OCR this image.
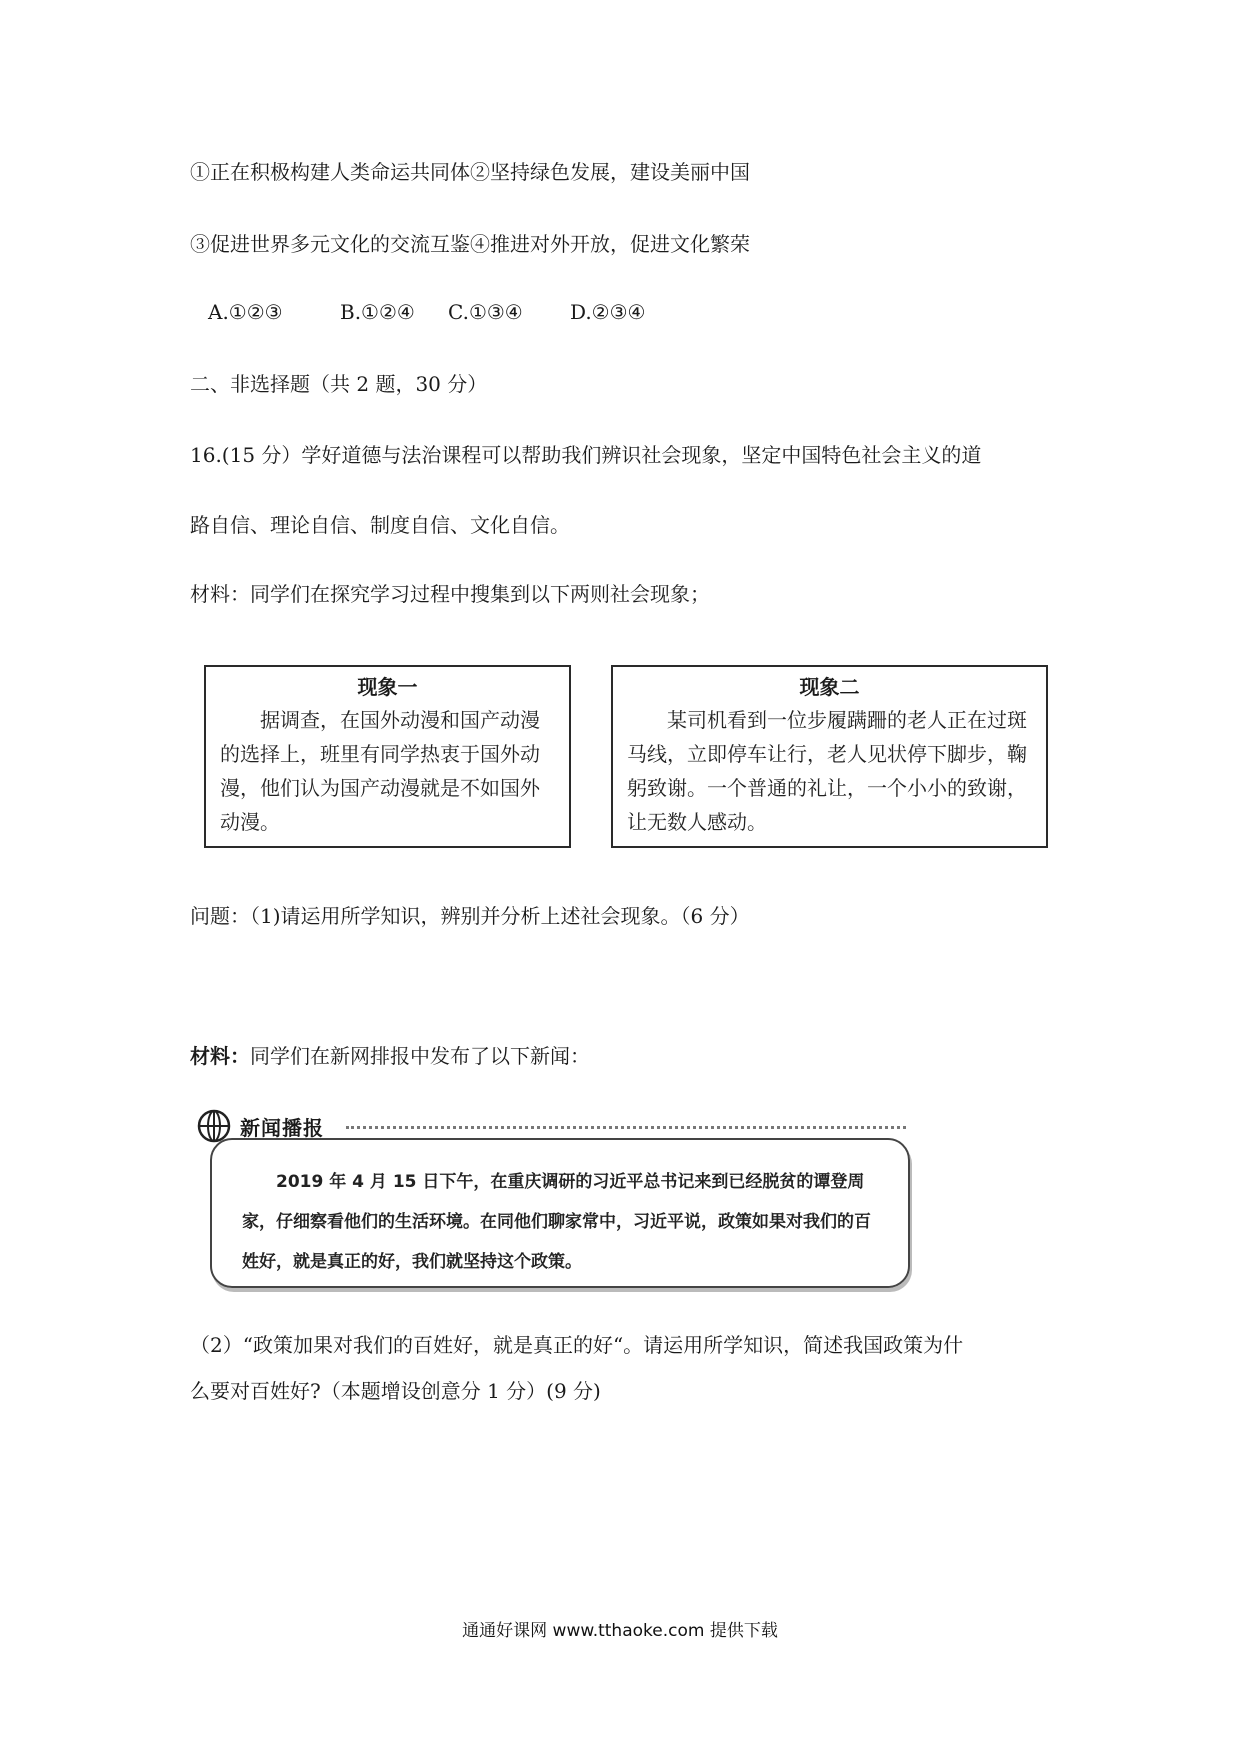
①正在积极构建人类命运共同体②坚持绿色发展，建设美丽中国
③促进世界多元文化的交流互鉴④推进对外开放，促进文化繁荣
A.①②③	B.①②④ C.①③④ D.②③④
二、非选择题（共 2 题，30 分）
16.(15 分）学好道德与法治课程可以帮助我们辨识社会现象，坚定中国特色社会主义的道
路自信、理论自信、制度自信、文化自信。
材料：同学们在探究学习过程中搜集到以下两则社会现象；
现象一
据调查，在国外动漫和国产动漫的选择上，班里有同学热衷于国外动漫，他们认为国产动漫就是不如国外动漫。
现象二
某司机看到一位步履蹒跚的老人正在过斑马线，立即停车让行，老人见状停下脚步，鞠躬致谢。一个普通的礼让，一个小小的致谢，让无数人感动。
问题：（1)请运用所学知识，辨别并分析上述社会现象。（6 分）
材料：同学们在新网排报中发布了以下新闻：
新闻播报
2019 年 4 月 15 日下午，在重庆调研的习近平总书记来到已经脱贫的谭登周家，仔细察看他们的生活环境。在同他们聊家常中，习近平说，政策如果对我们的百姓好，就是真正的好，我们就坚持这个政策。
（2）“政策加果对我们的百姓好，就是真正的好“。请运用所学知识，简述我国政策为什
么要对百姓好?（本题增设创意分 1 分）(9 分)
通通好课网 www.tthaoke.com 提供下载
